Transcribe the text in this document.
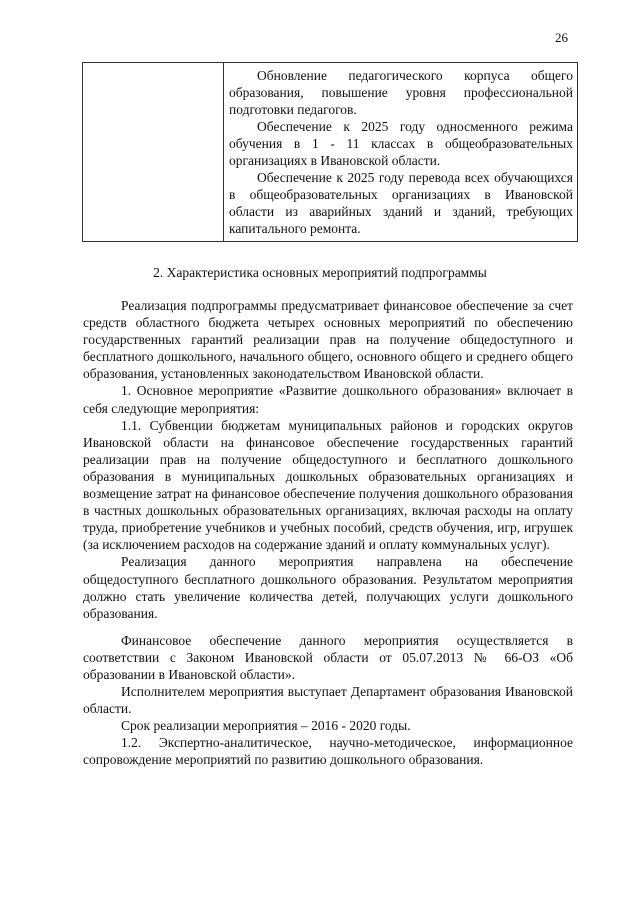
26

Обновление педагогического корпуса общего образования, повышение уровня профессиональной подготовки педагогов.

Обеспечение к 2025 году односменного режима обучения в 1 - 11 классах в общеобразовательных организациях в Ивановской области.

Обеспечение к 2025 году перевода всех обучающихся в общеобразовательных организациях в Ивановской области из аварийных зданий и зданий, требующих капитального ремонта.

2. Характеристика основных мероприятий подпрограммы

Реализация подпрограммы предусматривает финансовое обеспечение за счет средств областного бюджета четырех основных мероприятий по обеспечению государственных гарантий реализации прав на получение общедоступного и бесплатного дошкольного, начального общего, основного общего и среднего общего образования, установленных законодательством Ивановской области.

1. Основное мероприятие «Развитие дошкольного образования» включает в себя следующие мероприятия:

1.1. Субвенции бюджетам муниципальных районов и городских округов Ивановской области на финансовое обеспечение государственных гарантий реализации прав на получение общедоступного и бесплатного дошкольного образования в муниципальных дошкольных образовательных организациях и возмещение затрат на финансовое обеспечение получения дошкольного образования в частных дошкольных образовательных организациях, включая расходы на оплату труда, приобретение учебников и учебных пособий, средств обучения, игр, игрушек (за исключением расходов на содержание зданий и оплату коммунальных услуг).

Реализация данного мероприятия направлена на обеспечение общедоступного бесплатного дошкольного образования. Результатом мероприятия должно стать увеличение количества детей, получающих услуги дошкольного образования.

Финансовое обеспечение данного мероприятия осуществляется в соответствии с Законом Ивановской области от 05.07.2013 № 66-ОЗ «Об образовании в Ивановской области».

Исполнителем мероприятия выступает Департамент образования Ивановской области.

Срок реализации мероприятия – 2016 - 2020 годы.

1.2. Экспертно-аналитическое, научно-методическое, информационное сопровождение мероприятий по развитию дошкольного образования.
